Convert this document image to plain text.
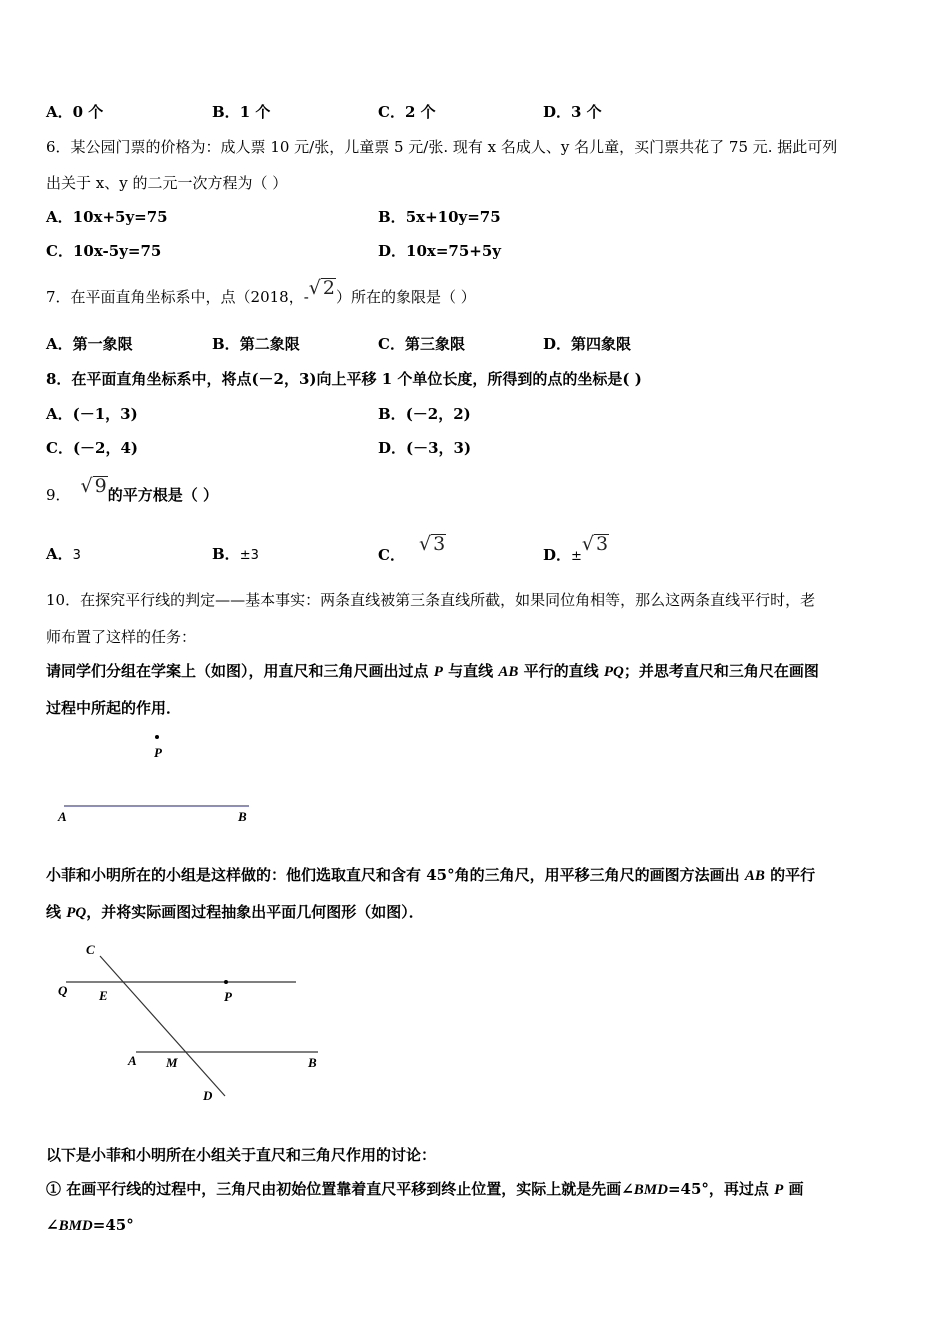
A．0 个	B．1 个	C．2 个	D．3 个
6．某公园门票的价格为：成人票 10 元/张，儿童票 5 元/张. 现有 x 名成人、y 名儿童，买门票共花了 75 元. 据此可列
出关于 x、y 的二元一次方程为（ ）
A．10x+5y=75	B．5x+10y=75
C．10x-5y=75	D．10x=75+5y
7．在平面直角坐标系中，点（2018，-√ 2）所在的象限是（ ）
A．第一象限	B．第二象限	C．第三象限	D．第四象限
8．在平面直角坐标系中，将点(－2，3)向上平移 1 个单位长度，所得到的点的坐标是( )
A．(－1，3)	B．(－2，2)
C．(－2，4)	D．(－3，3)
9． √ 9的平方根是（ ）
A．3	B．±3	C． √ 3	D．±√ 3
10．在探究平行线的判定——基本事实：两条直线被第三条直线所截，如果同位角相等，那么这两条直线平行时，老
师布置了这样的任务：
请同学们分组在学案上（如图），用直尺和三角尺画出过点 P 与直线 AB 平行的直线 PQ；并思考直尺和三角尺在画图
过程中所起的作用．
P
A	B
小菲和小明所在的小组是这样做的：他们选取直尺和含有 45°角的三角尺，用平移三角尺的画图方法画出 AB 的平行
线 PQ，并将实际画图过程抽象出平面几何图形（如图）．
C
Q E	P
A M	B
D
以下是小菲和小明所在小组关于直尺和三角尺作用的讨论：
① 在画平行线的过程中，三角尺由初始位置靠着直尺平移到终止位置，实际上就是先画∠BMD=45°，再过点 P 画
∠BMD=45°
